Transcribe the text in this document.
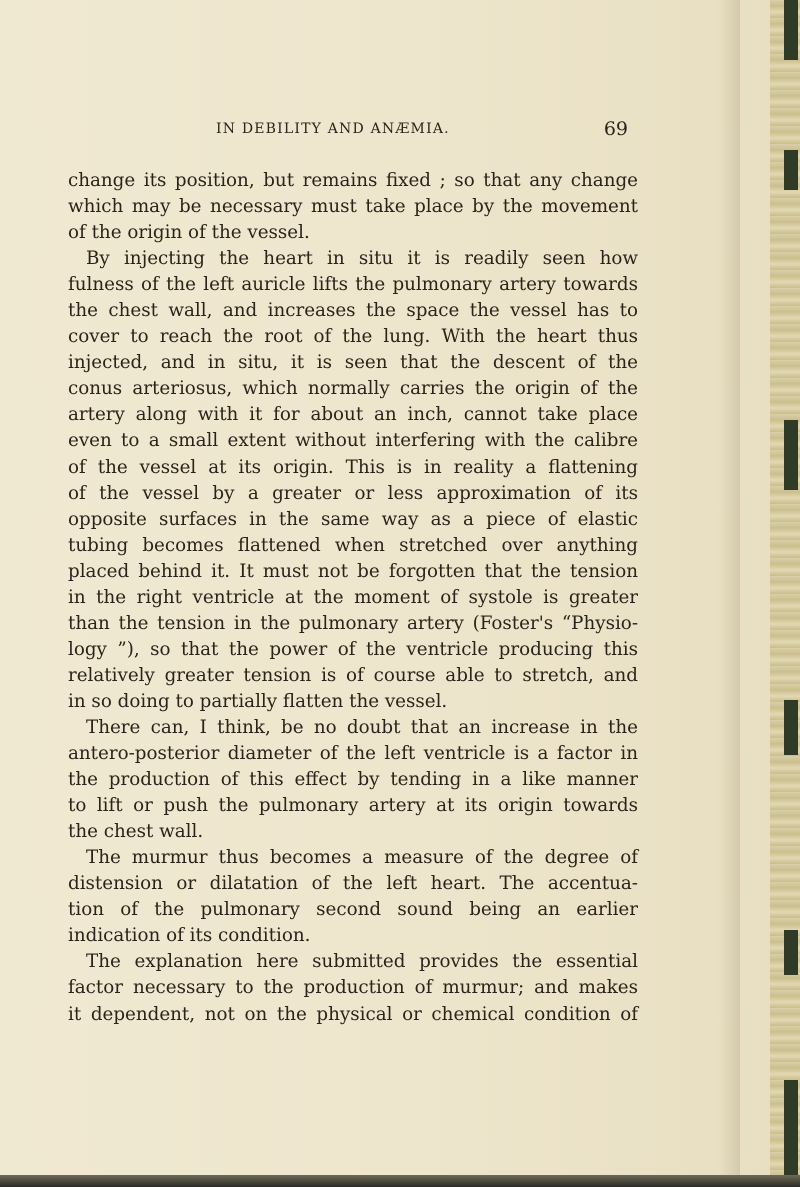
IN DEBILITY AND ANÆMIA.	69
change its position, but remains fixed ; so that any change
which may be necessary must take place by the movement
of the origin of the vessel.
By injecting the heart in situ it is readily seen how
fulness of the left auricle lifts the pulmonary artery towards
the chest wall, and increases the space the vessel has to
cover to reach the root of the lung. With the heart thus
injected, and in situ, it is seen that the descent of the
conus arteriosus, which normally carries the origin of the
artery along with it for about an inch, cannot take place
even to a small extent without interfering with the calibre
of the vessel at its origin. This is in reality a flattening
of the vessel by a greater or less approximation of its
opposite surfaces in the same way as a piece of elastic
tubing becomes flattened when stretched over anything
placed behind it. It must not be forgotten that the tension
in the right ventricle at the moment of systole is greater
than the tension in the pulmonary artery (Foster's “Physio-
logy ”), so that the power of the ventricle producing this
relatively greater tension is of course able to stretch, and
in so doing to partially flatten the vessel.
There can, I think, be no doubt that an increase in the
antero-posterior diameter of the left ventricle is a factor in
the production of this effect by tending in a like manner
to lift or push the pulmonary artery at its origin towards
the chest wall.
The murmur thus becomes a measure of the degree of
distension or dilatation of the left heart. The accentua-
tion of the pulmonary second sound being an earlier
indication of its condition.
The explanation here submitted provides the essential
factor necessary to the production of murmur; and makes
it dependent, not on the physical or chemical condition of
